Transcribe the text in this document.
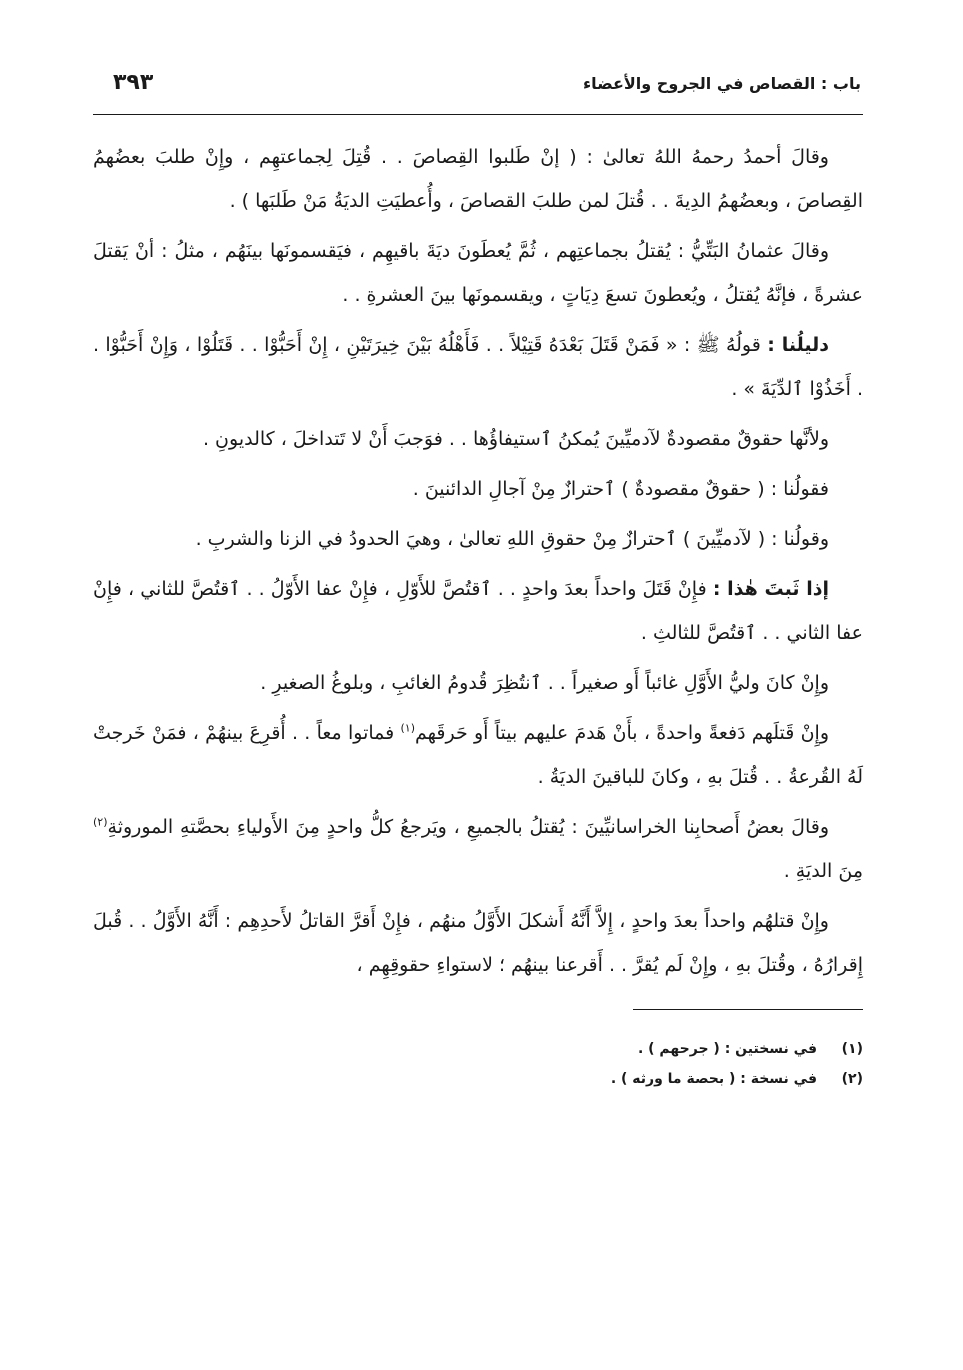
باب : القصاص في الجروح والأعضاء
٣٩٣

وقالَ أحمدُ رحمهُ اللهُ تعالىٰ : ( إنْ طَلبوا القِصاصَ . . قُتِلَ لِجماعتهِم ، وإِنْ طلبَ بعضُهمُ القِصاصَ ، وبعضُهمُ الدِيةَ . . قُتلَ لمن طلبَ القصاصَ ، وأُعطيَتِ الديَةُ مَنْ طَلبَها ) .

وقالَ عثمانُ البَتِّيُّ : يُقتلُ بجماعتِهم ، ثُمَّ يُعطَونَ ديَةَ باقيهِم ، فيَقسمونَها بينَهُم ، مثلُ : أنْ يَقتلَ عشرةً ، فإنَّهُ يُقتلُ ، ويُعطونَ تسعَ دِيَاتٍ ، ويقسمونَها بينَ العشرةِ . .

دليلُنا : قولُهُ ﷺ : « فَمَنْ قَتَلَ بَعْدَهُ قَتِيْلاً . . فَأَهْلُهُ بَيْنَ خِيرَتَيْنِ ، إِنْ أَحَبُّوْا . . قَتَلُوْا ، وَإِنْ أَحَبُّوْا . . أَخَذُوْا ٱلدِّيَةَ » .

ولأنَّها حقوقٌ مقصودةٌ لآدميِّينَ يُمكنُ ٱستيفاؤُها . . فوَجبَ أَنْ لا تَتداخلَ ، كالديونِ .

فقولُنا : ( حقوقٌ مقصودةٌ ) ٱحترازٌ مِنْ آجالِ الدائنينَ .

وقولُنا : ( لآدميِّينَ ) ٱحترازٌ مِنْ حقوقِ اللهِ تعالىٰ ، وهيَ الحدودُ في الزنا والشربِ .

إذا ثَبتَ هٰذا : فإِنْ قَتَلَ واحداً بعدَ واحدٍ . . ٱقتُصَّ للأَوّلِ ، فإِنْ عفا الأَوّلُ . . ٱقتُصَّ للثاني ، فإِنْ عفا الثاني . . ٱقتُصَّ للثالثِ .

وإِنْ كانَ وليُّ الأَوَّلِ غائباً أَو صغيراً . . ٱنتُظِرَ قُدومُ الغائبِ ، وبلوغُ الصغيرِ .

وإِنْ قَتلَهم دَفعةً واحدةً ، بأَنْ هَدمَ عليهم بيتاً أَو حَرقَهم$^{(١)}$ فماتوا معاً . . أُقرِعَ بينهُمْ ، فمَنْ خَرجتْ لَهُ القُرعةُ . . قُتلَ بهِ ، وكانَ للباقينَ الديَةُ .

وقالَ بعضُ أَصحابِنا الخراسانيِّينَ : يُقتلُ بالجميعِ ، ويَرجعُ كلُّ واحدٍ مِنَ الأَولياءِ بحصَّتهِ الموروثةِ$^{(٢)}$ مِنَ الديَةِ .

وإِنْ قتلهُم واحداً بعدَ واحدٍ ، إِلاَّ أَنَّهُ أَشكلَ الأَوَّلُ منهُم ، فإِنْ أَقرَّ القاتلُ لأَحدِهِم : أَنَّهُ الأَوَّلُ . . قُبلَ إِقرارُهُ ، وقُتلَ بهِ ، وإِنْ لَم يُقرَّ . . أَقرعنا بينهُم ؛ لاستواءِ حقوقِهِم ،

(١)
في نسختين : ( جرحهم ) .
(٢)
في نسخة : ( بحصة ما ورثه ) .
